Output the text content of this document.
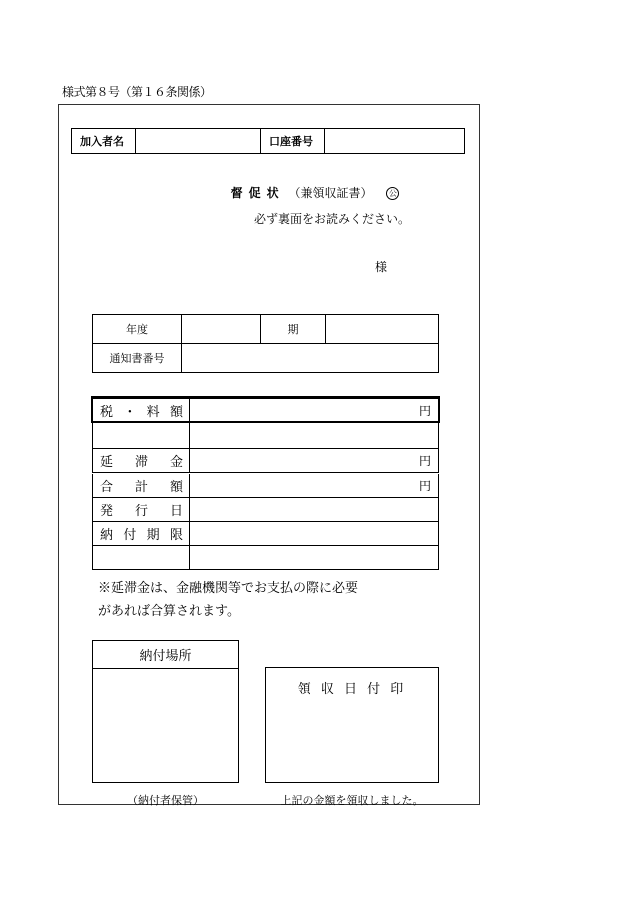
様式第８号（第１６条関係）
加入者名	口座番号
督促状 （兼領収証書） 公
必ず裏面をお読みください。
様
年度	期
通知書番号
税 ・ 料 額	円
延 滞 金	円
合 計 額	円
発 行 日
納 付 期 限
※延滞金は、金融機関等でお支払の際に必要
があれば合算されます。
納付場所
（納付者保管）
領 収 日 付 印
上記の金額を領収しました。
